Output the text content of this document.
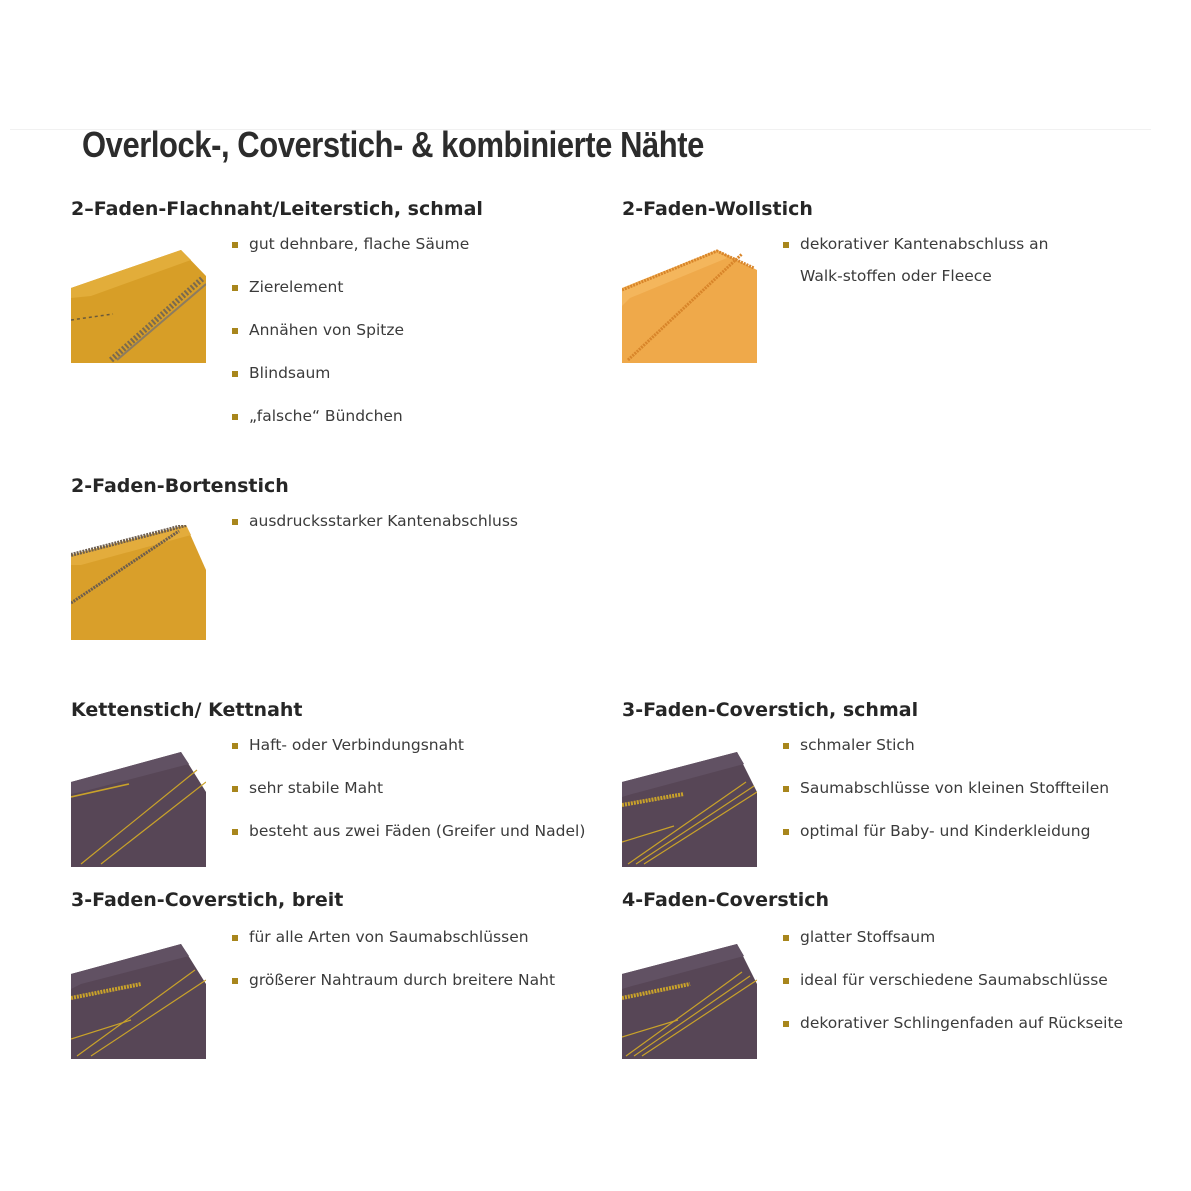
Overlock-, Coverstich- & kombinierte Nähte
2–Faden-Flachnaht/Leiterstich, schmal
gut dehnbare, flache Säume
Zierelement
Annähen von Spitze
Blindsaum
„falsche“ Bündchen
2-Faden-Wollstich
dekorativer Kantenabschluss an Walk-stoffen oder Fleece
2-Faden-Bortenstich
ausdrucksstarker Kantenabschluss
Kettenstich/ Kettnaht
Haft- oder Verbindungsnaht
sehr stabile Maht
besteht aus zwei Fäden (Greifer und Nadel)
3-Faden-Coverstich, schmal
schmaler Stich
Saumabschlüsse von kleinen Stoffteilen
optimal für Baby- und Kinderkleidung
3-Faden-Coverstich, breit
für alle Arten von Saumabschlüssen
größerer Nahtraum durch breitere Naht
4-Faden-Coverstich
glatter Stoffsaum
ideal für verschiedene Saumabschlüsse
dekorativer Schlingenfaden auf Rückseite
